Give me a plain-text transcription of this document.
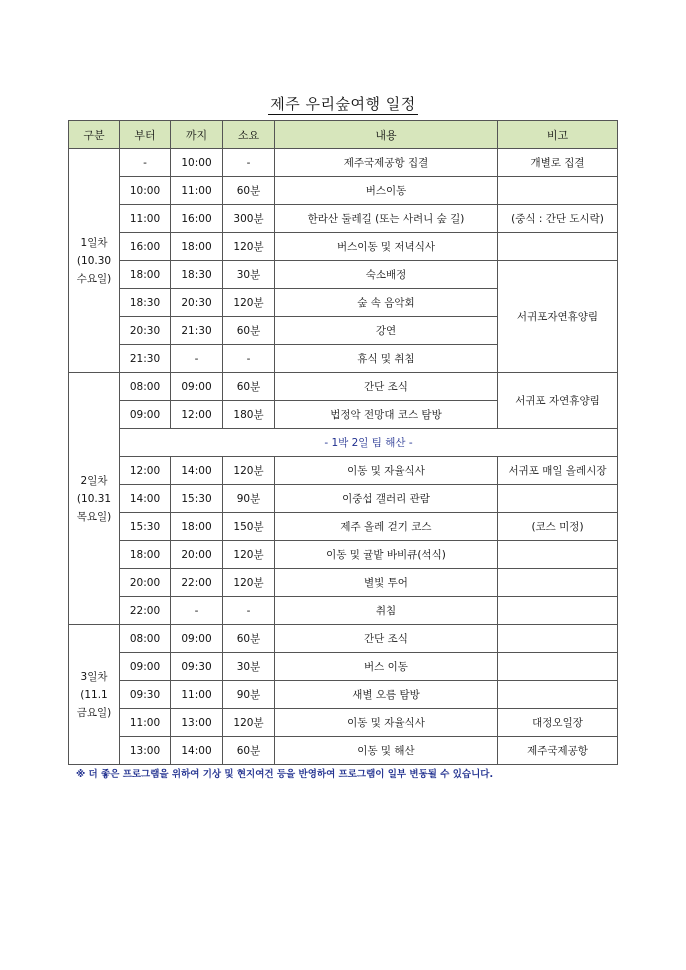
제주 우리숲여행 일정
구분	부터	까지	소요	내용	비고

1일차
(10.30
수요일)	-	10:00	-	제주국제공항 집결	개별로 집결
	10:00	11:00	60분	버스이동	
	11:00	16:00	300분	한라산 둘레길 (또는 사려니 숲 길)	(중식 : 간단 도시락)
	16:00	18:00	120분	버스이동 및 저녁식사	
	18:00	18:30	30분	숙소배정	서귀포자연휴양림
	18:30	20:30	120분	숲 속 음악회	
	20:30	21:30	60분	강연	
	21:30	-	-	휴식 및 취침	

2일차
(10.31
목요일)	08:00	09:00	60분	간단 조식	서귀포 자연휴양림
	09:00	12:00	180분	법정악 전망대 코스 탐방	
	- 1박 2일 팀 해산 -				
	12:00	14:00	120분	이동 및 자율식사	서귀포 매일 올레시장
	14:00	15:30	90분	이중섭 갤러리 관람	
	15:30	18:00	150분	제주 올레 걷기 코스	(코스 미정)
	18:00	20:00	120분	이동 및 귤밭 바비큐(석식)	
	20:00	22:00	120분	별빛 투어	
	22:00	-	-	취침	

3일차
(11.1
금요일)	08:00	09:00	60분	간단 조식	
	09:00	09:30	30분	버스 이동	
	09:30	11:00	90분	새별 오름 탐방	
	11:00	13:00	120분	이동 및 자율식사	대정오일장
	13:00	14:00	60분	이동 및 해산	제주국제공항
※ 더 좋은 프로그램을 위하여 기상 및 현지여건 등을 반영하여 프로그램이 일부 변동될 수 있습니다.
